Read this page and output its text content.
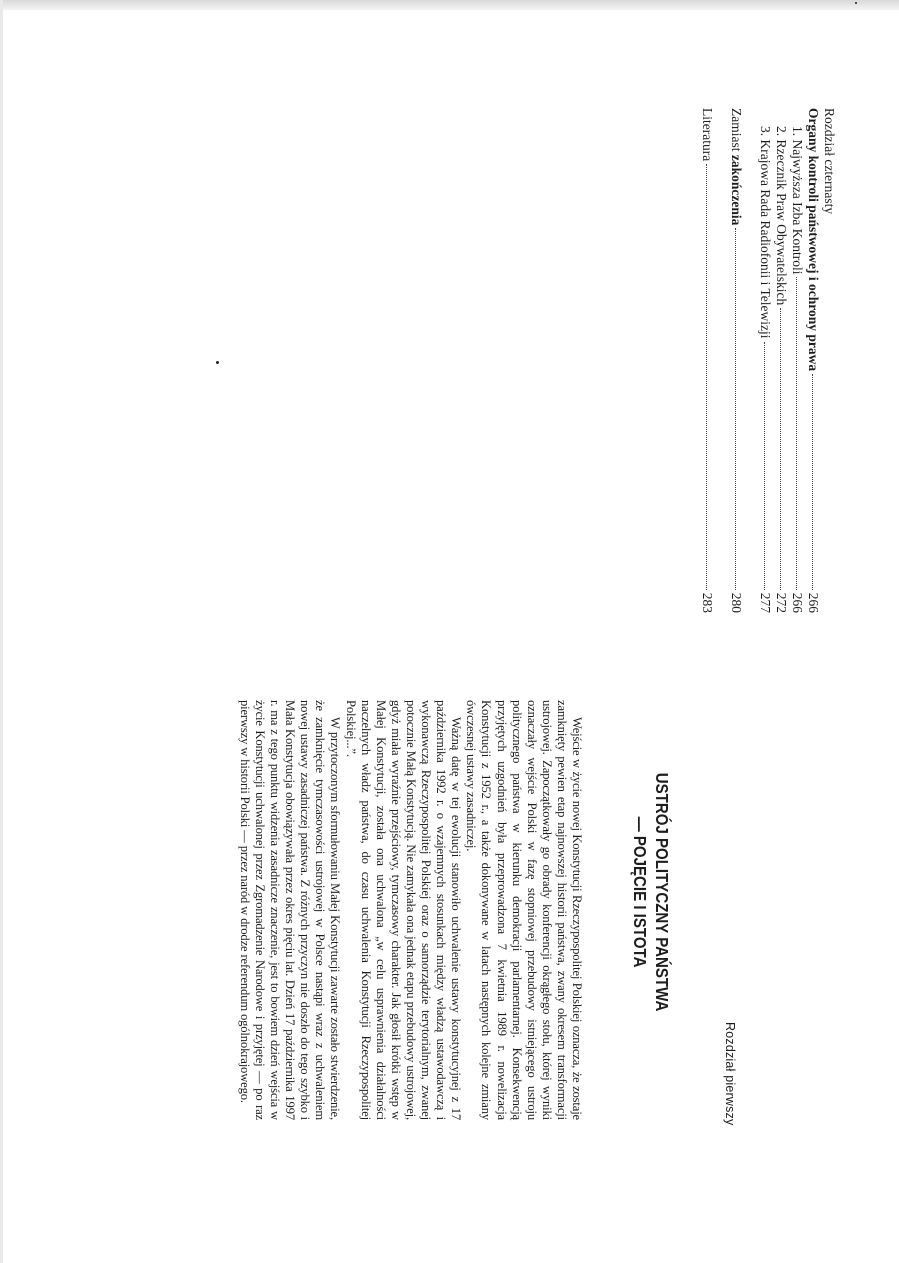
Rozdział czternasty
Organy kontroli państwowej i ochrony prawa
266
1. Najwyższa Izba Kontroli
266
2. Rzecznik Praw Obywatelskich
272
3. Krajowa Rada Radiofonii i Telewizji
277
Zamiast zakończenia
280
Literatura
283
Rozdział pierwszy
USTRÓJ POLITYCZNY PAŃSTWA
— POJĘCIE I ISTOTA

Wejście w życie nowej Konstytucji Rzeczypospolitej Polskiej oznacza, że zostaje zamknięty pewien etap najnowszej historii państwa, zwany okresem transformacji ustrojowej. Zapoczątkowały go obrady konferencji okrągłego stołu, której wyniki oznaczały wejście Polski w fazę stopniowej przebudowy istniejącego ustroju politycznego państwa w kierunku demokracji parlamentarnej. Konsekwencją przyjętych uzgodnień była przeprowadzona 7 kwietnia 1989 r. nowelizacja Konstytucji z 1952 r., a także dokonywane w latach następnych kolejne zmiany ówczesnej ustawy zasadniczej.

Ważną datę w tej ewolucji stanowiło uchwalenie ustawy konstytucyjnej z 17 października 1992 r. o wzajemnych stosunkach między władzą ustawodawczą i wykonawczą Rzeczypospolitej Polskiej oraz o samorządzie terytorialnym, zwanej potocznie Małą Konstytucją. Nie zamykała ona jednak etapu przebudowy ustrojowej, gdyż miała wyraźnie przejściowy, tymczasowy charakter. Jak głosił krótki wstęp w Małej Konstytucji, została ona uchwalona „w celu usprawnienia działalności naczelnych władz państwa, do czasu uchwalenia Konstytucji Rzeczypospolitej Polskiej...”.

W przytoczonym sformułowaniu Małej Konstytucji zawarte zostało stwierdzenie, że zamknięcie tymczasowości ustrojowej w Polsce nastąpi wraz z uchwaleniem nowej ustawy zasadniczej państwa. Z różnych przyczyn nie doszło do tego szybko i Mała Konstytucja obowiązywała przez okres pięciu lat. Dzień 17 października 1997 r. ma z tego punktu widzenia zasadnicze znaczenie, jest to bowiem dzień wejścia w życie Konstytucji uchwalonej przez Zgromadzenie Narodowe i przyjętej — po raz pierwszy w historii Polski — przez naród w drodze referendum ogólnokrajowego.
